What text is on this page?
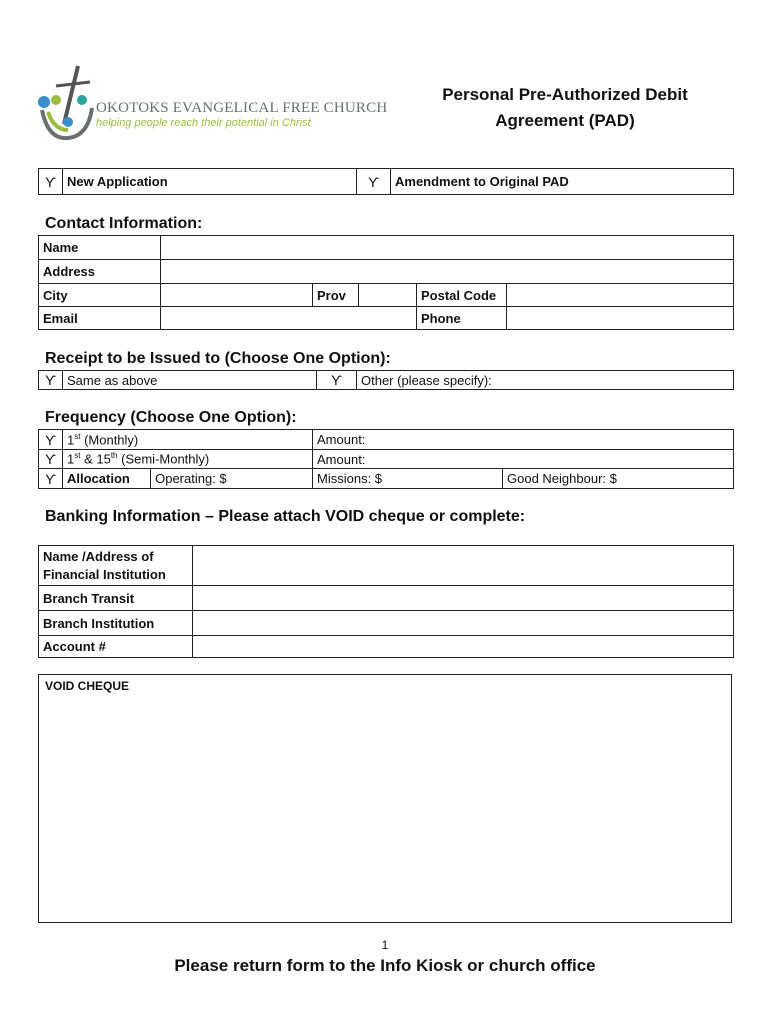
OKOTOKS EVANGELICAL FREE CHURCH
helping people reach their potential in Christ
Personal Pre-Authorized Debit
Agreement (PAD)
ϒ	New Application	ϒ	Amendment to Original PAD
Contact Information:
Name					
Address					
City		Prov		Postal Code	
Email				Phone	
Receipt to be Issued to (Choose One Option):
ϒ	Same as above	ϒ	Other (please specify):
Frequency (Choose One Option):
ϒ	1st (Monthly)		Amount:	
ϒ	1st & 15th (Semi-Monthly)		Amount:	
ϒ	Allocation	Operating: $	Missions: $	Good Neighbour: $
Banking Information – Please attach VOID cheque or complete:
Name /Address of
Financial Institution	

Branch Transit	
Branch Institution	
Account #	
VOID CHEQUE
1
Please return form to the Info Kiosk or church office
